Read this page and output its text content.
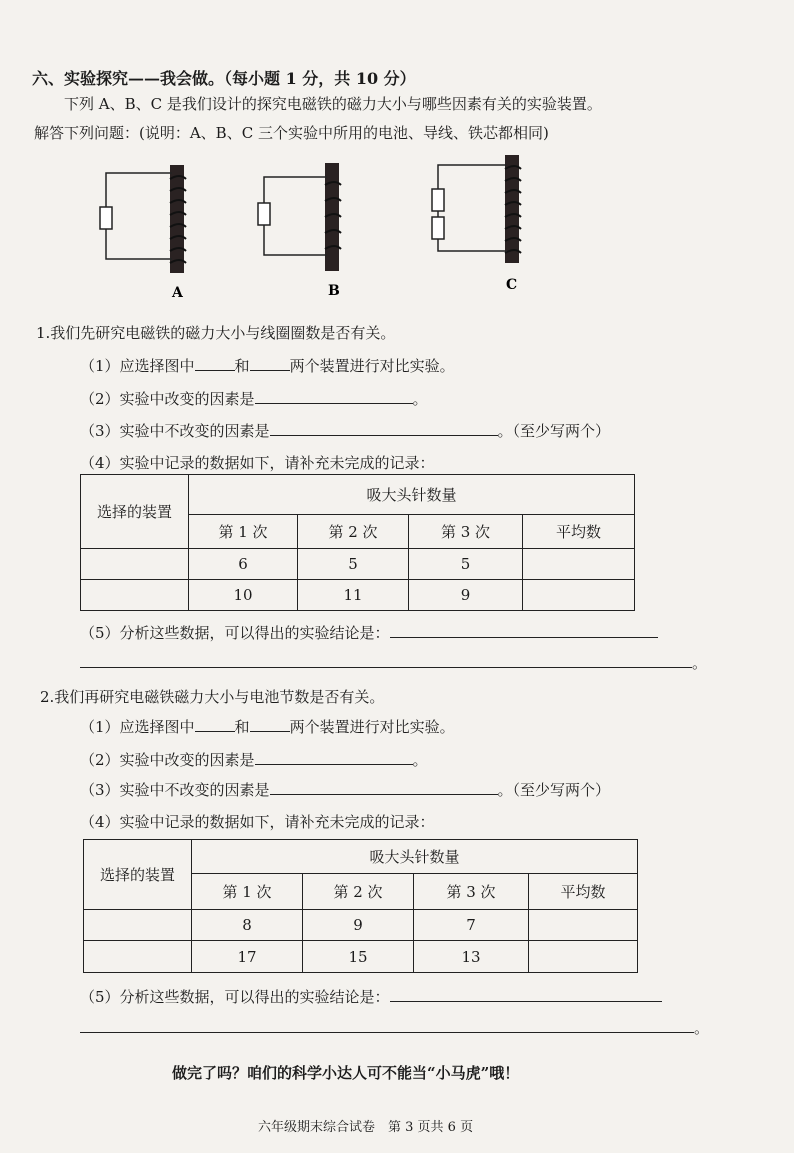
六、实验探究——我会做。（每小题 1 分，共 10 分）
下列 A、B、C 是我们设计的探究电磁铁的磁力大小与哪些因素有关的实验装置。
解答下列问题：(说明：A、B、C 三个实验中所用的电池、导线、铁芯都相同)
A	B	C
1.我们先研究电磁铁的磁力大小与线圈圈数是否有关。
（1）应选择图中	和	两个装置进行对比实验。
（2）实验中改变的因素是	。
（3）实验中不改变的因素是	。（至少写两个）
（4）实验中记录的数据如下，请补充未完成的记录：
选择的装置	吸大头针数量			
	第 1 次	第 2 次	第 3 次	平均数
	6	5	5	
	10	11	9	
（5）分析这些数据，可以得出的实验结论是：
。
2.我们再研究电磁铁磁力大小与电池节数是否有关。
（1）应选择图中	和	两个装置进行对比实验。
（2）实验中改变的因素是	。
（3）实验中不改变的因素是	。（至少写两个）
（4）实验中记录的数据如下，请补充未完成的记录：
选择的装置	吸大头针数量			
	第 1 次	第 2 次	第 3 次	平均数
	8	9	7	
	17	15	13	
（5）分析这些数据，可以得出的实验结论是：
。
做完了吗？咱们的科学小达人可不能当“小马虎”哦！
六年级期末综合试卷　第 3 页共 6 页
